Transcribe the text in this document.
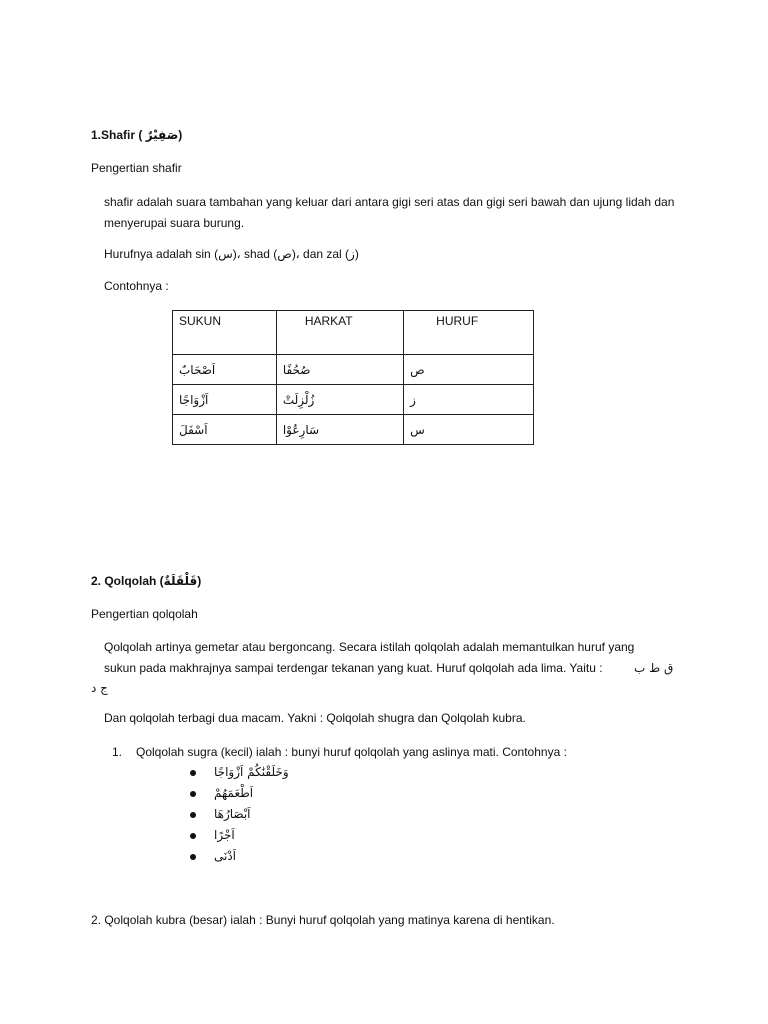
1.Shafir ( صَفِيْرٌ)
Pengertian shafir
shafir adalah suara tambahan yang keluar dari antara gigi seri atas dan gigi seri bawah dan ujung lidah dan menyerupai suara burung.
Hurufnya adalah sin (س)، shad (ص)، dan zal (ز)
Contohnya :
SUKUN	HARKAT	HURUF
اَصْحَابٌ	صُحُفًا	ص
اَزْوَاجًا	زُلْزِلَتْ	ز
اَسْفَلَ	سَارِعُوْا	س
2. Qolqolah (قَلْقَلَةٌ)
Pengertian qolqolah
Qolqolah artinya gemetar atau bergoncang. Secara istilah qolqolah adalah memantulkan huruf yang
sukun pada makhrajnya sampai terdengar tekanan yang kuat. Huruf qolqolah ada lima. Yaitu :	ق ط ب
ج د
Dan qolqolah terbagi dua macam. Yakni : Qolqolah shugra dan Qolqolah kubra.
1. Qolqolah sugra (kecil) ialah : bunyi huruf qolqolah yang aslinya mati. Contohnya :
وَخَلَقْنَٰكُمْ اَزْوَاجًا
اَطْعَمَهُمْ
اَبْصَارُهَا
اَجْرًا
اَدْنَى
2. Qolqolah kubra (besar) ialah : Bunyi huruf qolqolah yang matinya karena di hentikan.
